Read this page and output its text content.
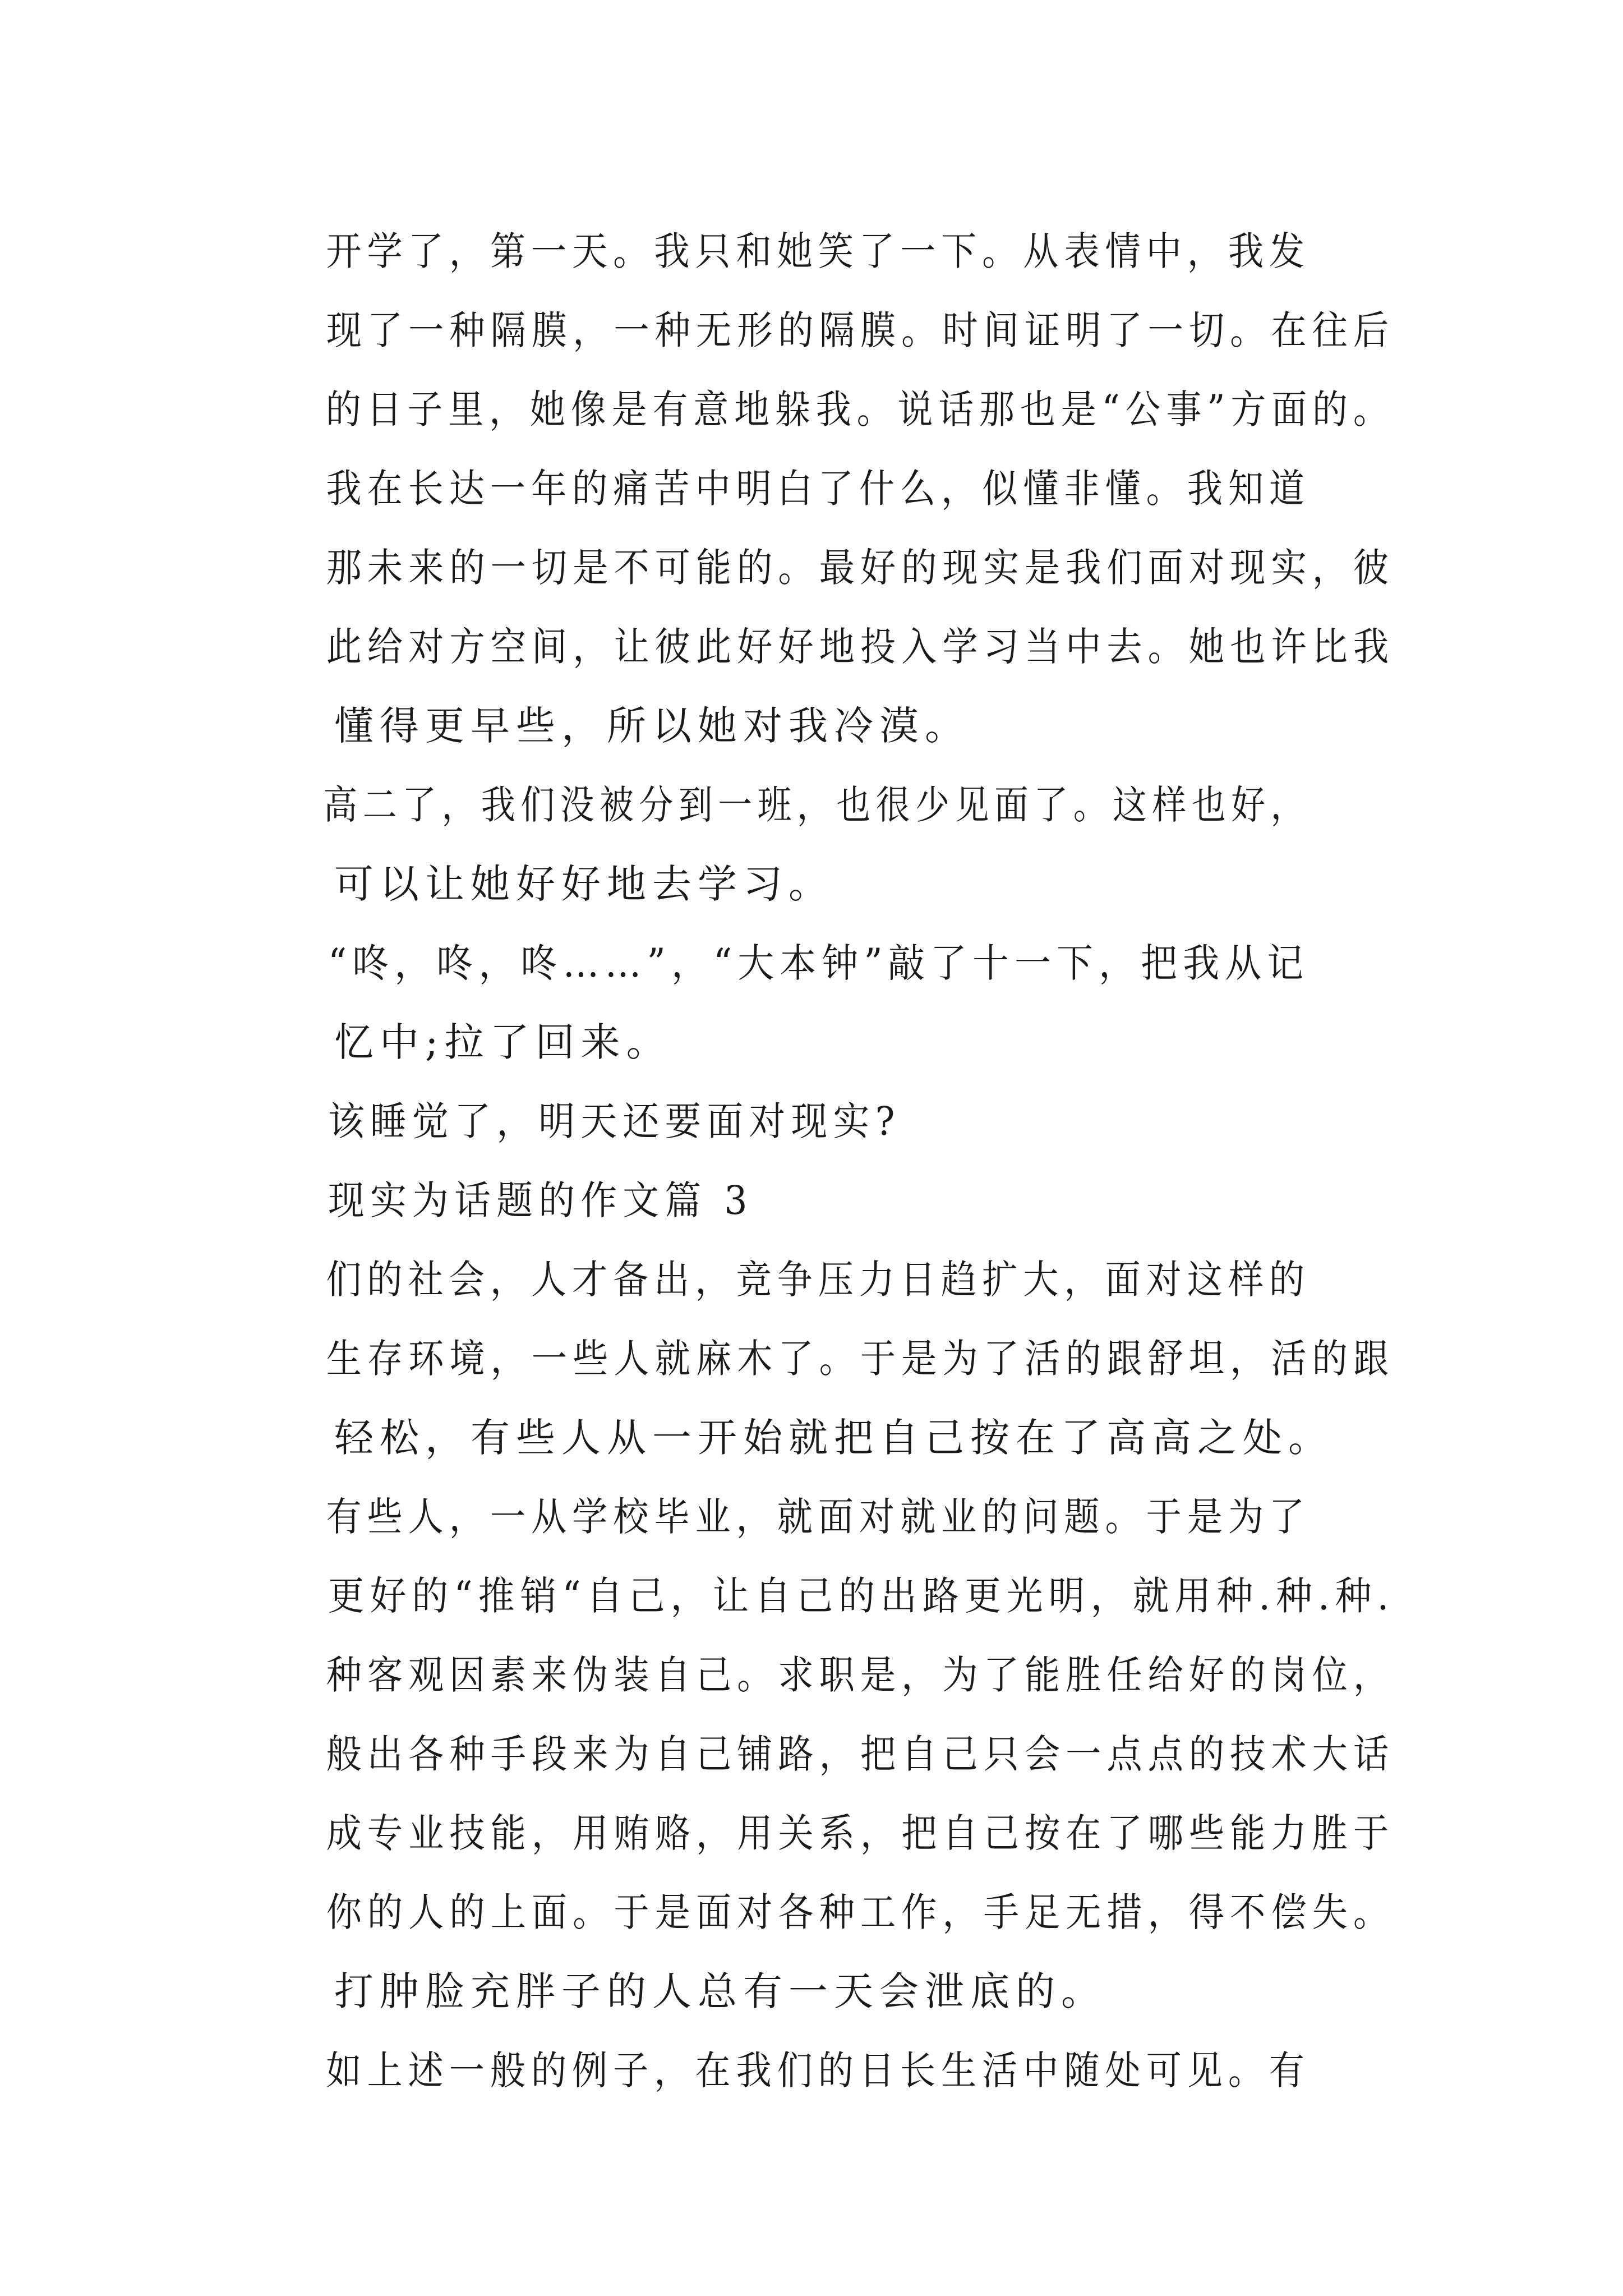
开学了，第一天。我只和她笑了一下。从表情中，我发
现了一种隔膜，一种无形的隔膜。时间证明了一切。在往后
的日子里，她像是有意地躲我。说话那也是“公事”方面的。

我在长达一年的痛苦中明白了什么，似懂非懂。我知道
那未来的一切是不可能的。最好的现实是我们面对现实，彼
此给对方空间，让彼此好好地投入学习当中去。她也许比我
懂得更早些，所以她对我冷漠。

高二了，我们没被分到一班，也很少见面了。这样也好，
可以让她好好地去学习。

“咚，咚，咚……”，“大本钟”敲了十一下，把我从记
忆中;拉了回来。

该睡觉了，明天还要面对现实?

现实为话题的作文篇 3

们的社会，人才备出，竞争压力日趋扩大，面对这样的
生存环境，一些人就麻木了。于是为了活的跟舒坦，活的跟
轻松，有些人从一开始就把自己按在了高高之处。

有些人，一从学校毕业，就面对就业的问题。于是为了
更好的“推销“自己，让自己的出路更光明，就用种.种.种.
种客观因素来伪装自己。求职是，为了能胜任给好的岗位，
般出各种手段来为自己铺路，把自己只会一点点的技术大话
成专业技能，用贿赂，用关系，把自己按在了哪些能力胜于
你的人的上面。于是面对各种工作，手足无措，得不偿失。
打肿脸充胖子的人总有一天会泄底的。

如上述一般的例子，在我们的日长生活中随处可见。有
